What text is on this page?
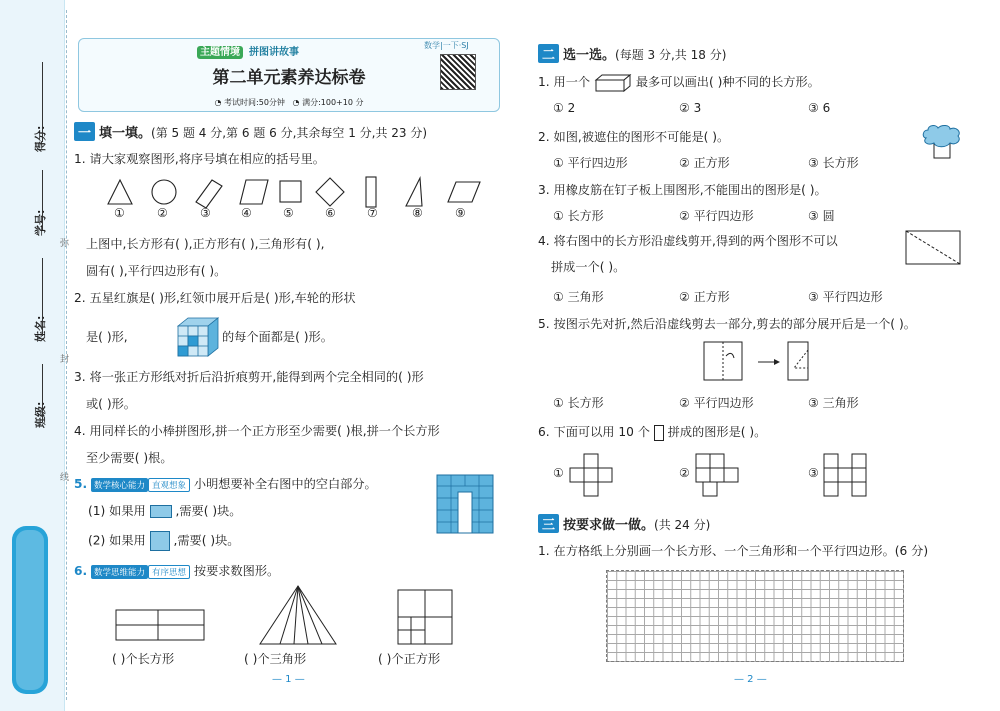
得分:
学号:
姓名:
班级:
弥
封
线
主题情境 拼图讲故事
第二单元素养达标卷
◔ 考试时间:50分钟   ◔ 满分:100+10 分
数学|一下·SJ
一 填一填。(第 5 题 4 分,第 6 题 6 分,其余每空 1 分,共 23 分)
1. 请大家观察图形,将序号填在相应的括号里。
①	②	③	④	⑤	⑥	⑦	⑧	⑨
上图中,长方形有( ),正方形有( ),三角形有( ),
圆有( ),平行四边形有( )。
2. 五星红旗是( )形,红领巾展开后是( )形,车轮的形状
是( )形,	的每个面都是( )形。
3. 将一张正方形纸对折后沿折痕剪开,能得到两个完全相同的( )形
或( )形。
4. 用同样长的小棒拼图形,拼一个正方形至少需要( )根,拼一个长方形
至少需要( )根。
5. 数学核心能力 直观想象 小明想要补全右图中的空白部分。
(1) 如果用 ,需要( )块。
(2) 如果用 ,需要( )块。
6. 数学思维能力 有序思想 按要求数图形。
( )个长方形	( )个三角形	( )个正方形
— 1 —
二 选一选。(每题 3 分,共 18 分)
1. 用一个	最多可以画出( )种不同的长方形。
① 2	② 3	③ 6
2. 如图,被遮住的图形不可能是( )。
① 平行四边形	② 正方形	③ 长方形
3. 用橡皮筋在钉子板上围图形,不能围出的图形是( )。
① 长方形	② 平行四边形	③ 圆
4. 将右图中的长方形沿虚线剪开,得到的两个图形不可以
拼成一个( )。
① 三角形	② 正方形	③ 平行四边形
5. 按图示先对折,然后沿虚线剪去一部分,剪去的部分展开后是一个( )。
① 长方形	② 平行四边形	③ 三角形
6. 下面可以用 10 个 拼成的图形是( )。
①	②	③
三 按要求做一做。(共 24 分)
1. 在方格纸上分别画一个长方形、一个三角形和一个平行四边形。(6 分)
— 2 —
